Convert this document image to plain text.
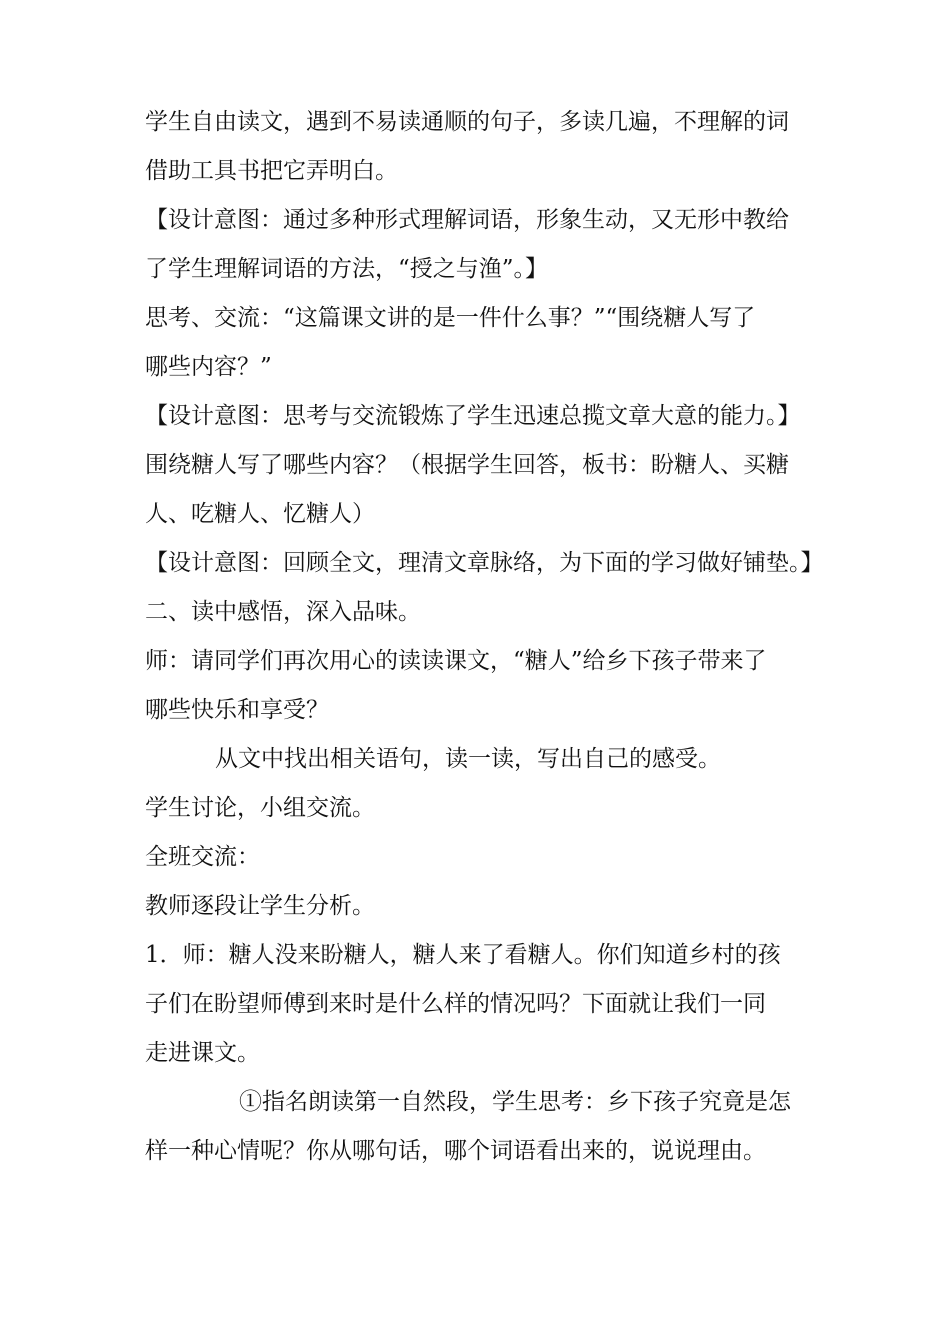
学生自由读文，遇到不易读通顺的句子，多读几遍，不理解的词
借助工具书把它弄明白。

【设计意图：通过多种形式理解词语，形象生动，又无形中教给
了学生理解词语的方法，“授之与渔”。】

思考、交流：“这篇课文讲的是一件什么事？”“围绕糖人写了
哪些内容？”

【设计意图：思考与交流锻炼了学生迅速总揽文章大意的能力。】

围绕糖人写了哪些内容？（根据学生回答，板书：盼糖人、买糖
人、吃糖人、忆糖人）

【设计意图：回顾全文，理清文章脉络，为下面的学习做好铺垫。】

二、读中感悟，深入品味。

师：请同学们再次用心的读读课文，“糖人”给乡下孩子带来了
哪些快乐和享受？

从文中找出相关语句，读一读，写出自己的感受。

学生讨论，小组交流。

全班交流：

教师逐段让学生分析。

1．师：糖人没来盼糖人，糖人来了看糖人。你们知道乡村的孩
子们在盼望师傅到来时是什么样的情况吗？下面就让我们一同
走进课文。

①指名朗读第一自然段，学生思考：乡下孩子究竟是怎
样一种心情呢？你从哪句话，哪个词语看出来的，说说理由。
